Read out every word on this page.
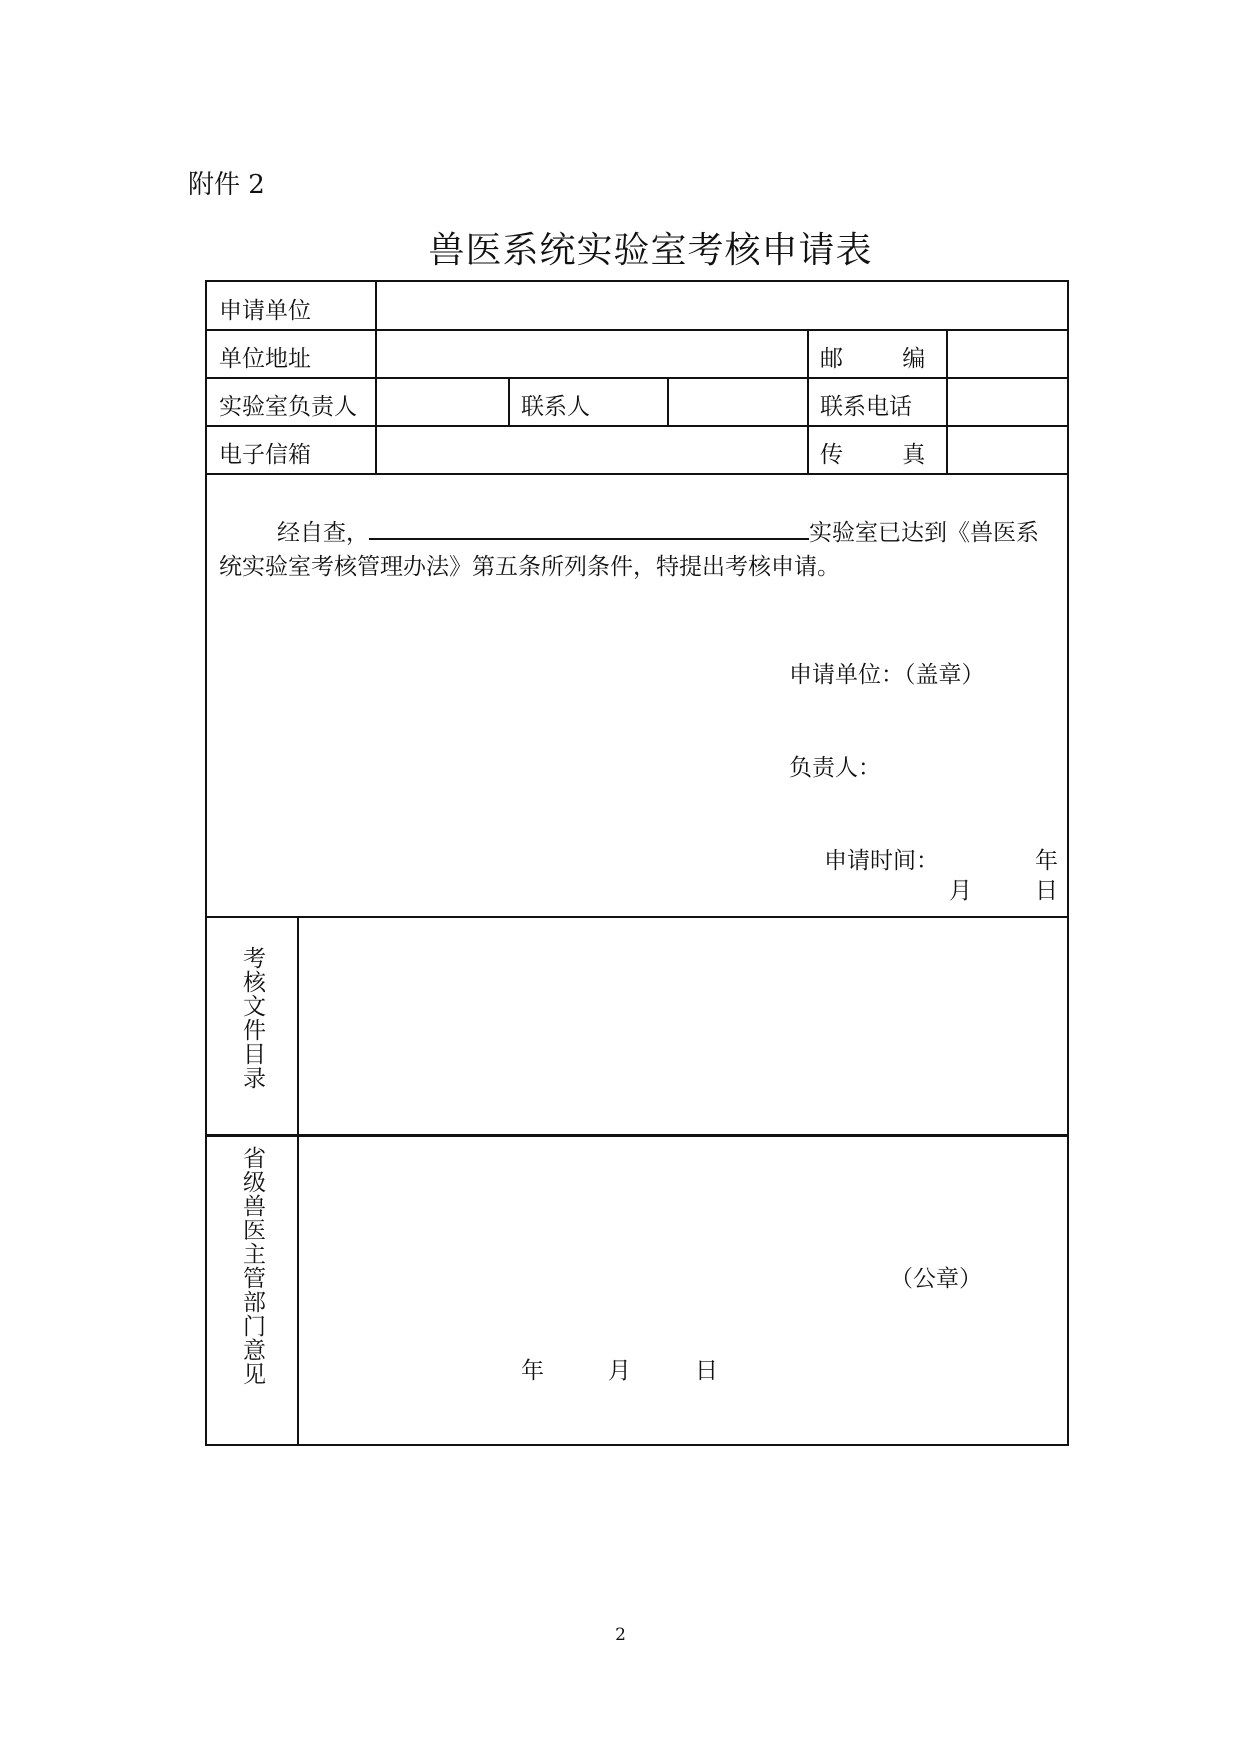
附件 2
兽医系统实验室考核申请表
申请单位
单位地址	邮 编
实验室负责人	联系人	联系电话
电子信箱	传 真
经自查，	实验室已达到《兽医系统实验室考核管理办法》第五条所列条件，特提出考核申请。
申请单位：（盖章）
负责人：
申请时间：	年
月	日
考核文件目录
省级兽医主管部门意见	（公章）
年	月	日
2
